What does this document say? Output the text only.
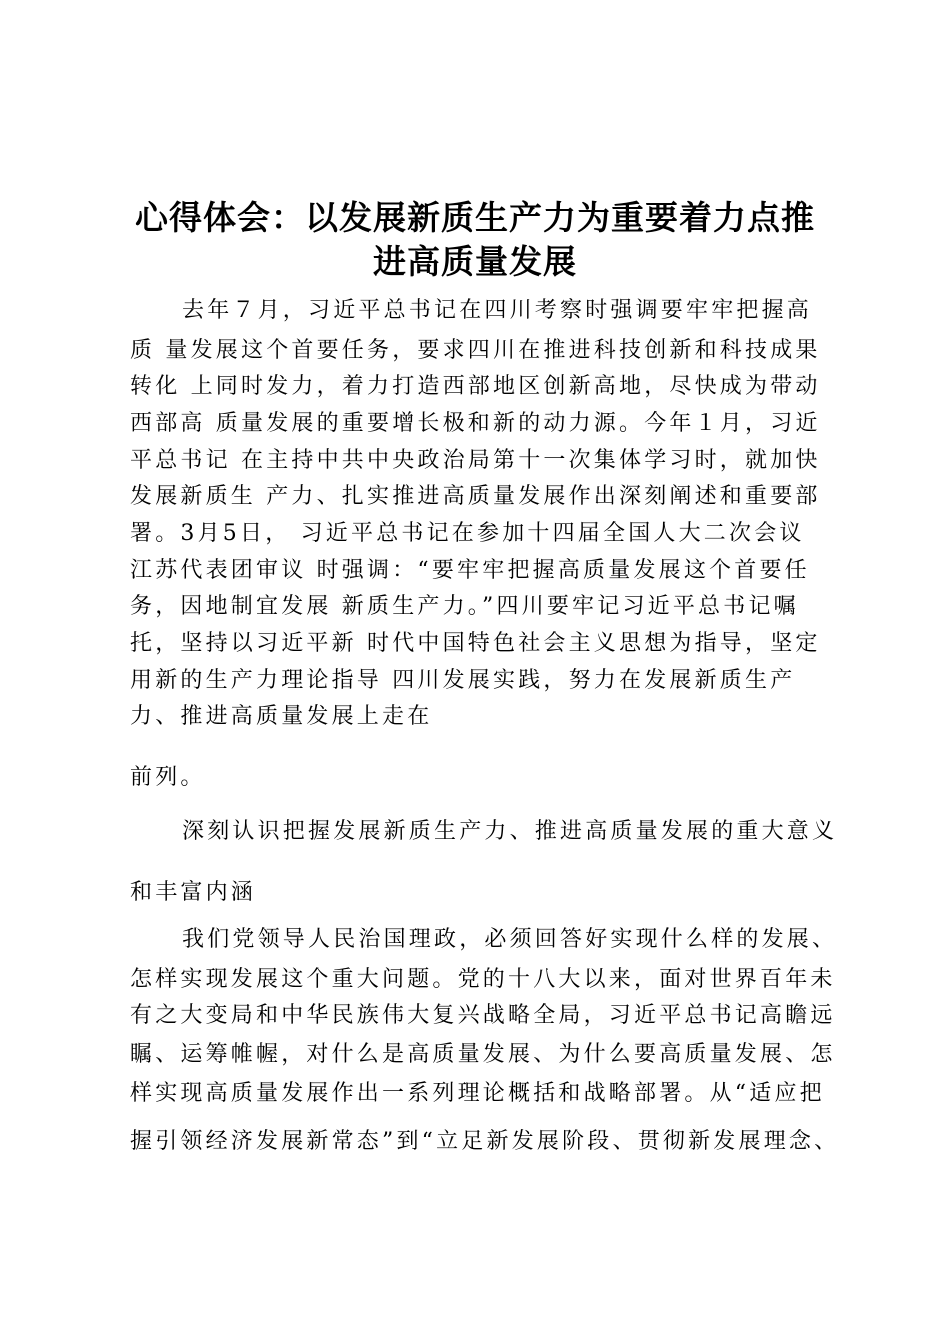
心得体会：以发展新质生产力为重要着力点推
进高质量发展
去年７月，习近平总书记在四川考察时强调要牢牢把握高
质 量发展这个首要任务，要求四川在推进科技创新和科技成果
转化 上同时发力，着力打造西部地区创新高地，尽快成为带动
西部高 质量发展的重要增长极和新的动力源。今年１月，习近
平总书记 在主持中共中央政治局第十一次集体学习时，就加快
发展新质生 产力、扎实推进高质量发展作出深刻阐述和重要部
署。3月5日， 习近平总书记在参加十四届全国人大二次会议
江苏代表团审议 时强调：“要牢牢把握高质量发展这个首要任
务，因地制宜发展 新质生产力。”四川要牢记习近平总书记嘱
托，坚持以习近平新 时代中国特色社会主义思想为指导，坚定
用新的生产力理论指导 四川发展实践，努力在发展新质生产
力、推进高质量发展上走在
前列。
深刻认识把握发展新质生产力、推进高质量发展的重大意义
和丰富内涵
我们党领导人民治国理政，必须回答好实现什么样的发展、
怎样实现发展这个重大问题。党的十八大以来，面对世界百年未
有之大变局和中华民族伟大复兴战略全局，习近平总书记高瞻远
瞩、运筹帷幄，对什么是高质量发展、为什么要高质量发展、怎
样实现高质量发展作出一系列理论概括和战略部署。从“适应把
握引领经济发展新常态”到“立足新发展阶段、贯彻新发展理念、
